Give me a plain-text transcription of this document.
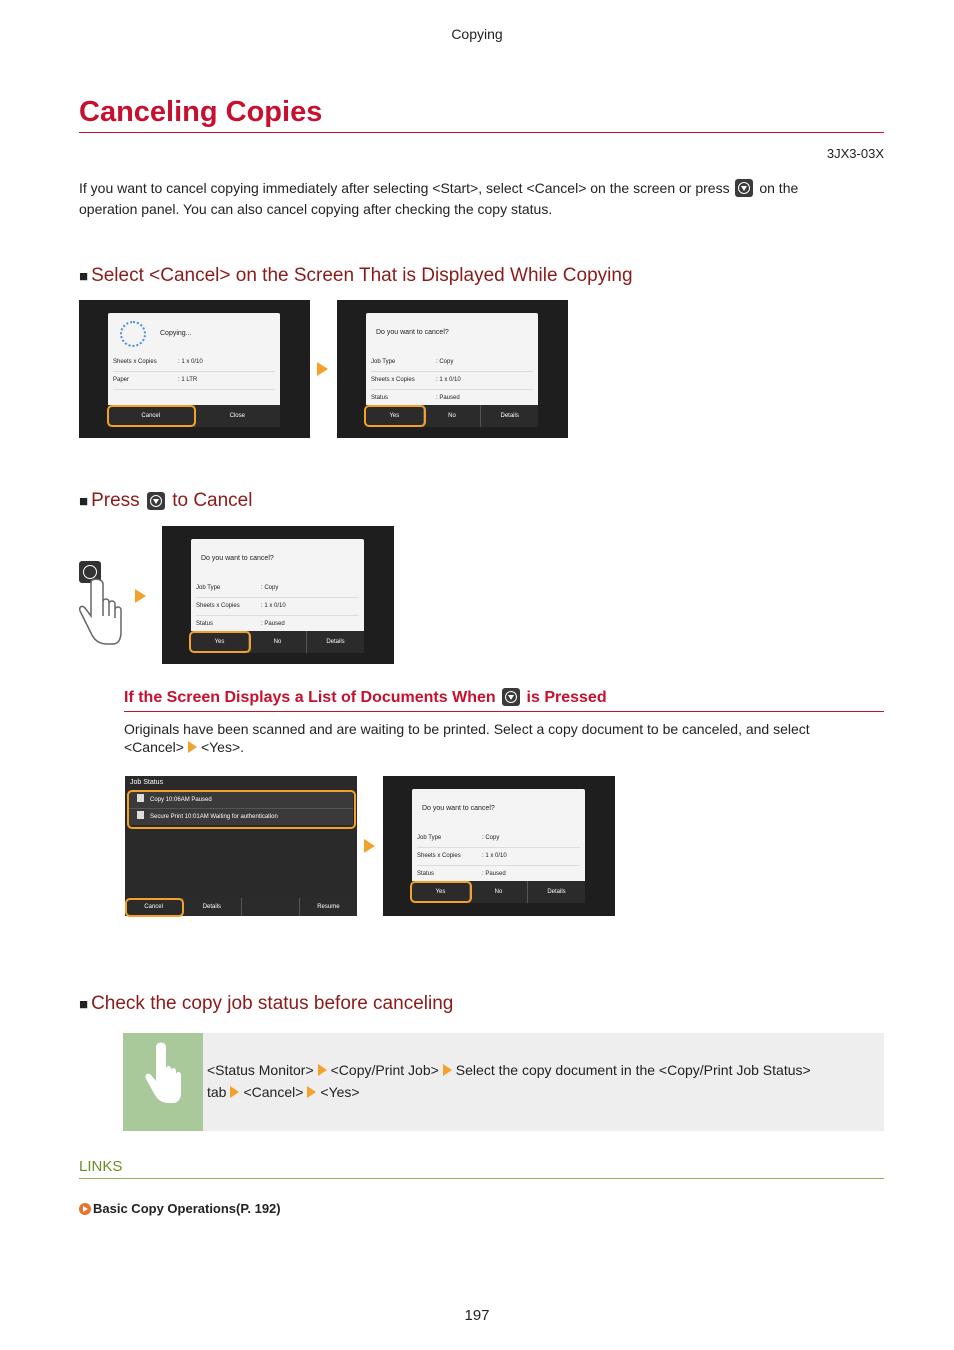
Copying
Canceling Copies
3JX3-03X
If you want to cancel copying immediately after selecting <Start>, select <Cancel> on the screen or press on the
operation panel. You can also cancel copying after checking the copy status.
■ Select <Cancel> on the Screen That is Displayed While Copying
Copying...
Sheets x Copies	: 1 x 0/10
Paper	: 1 LTR
Cancel	Close
Do you want to cancel?
Job Type	: Copy
Sheets x Copies	: 1 x 0/10
Status	: Paused
Yes	No	Details
■ Press to Cancel
Do you want to cancel?
Job Type	: Copy
Sheets x Copies	: 1 x 0/10
Status	: Paused
Yes	No	Details
If the Screen Displays a List of Documents When is Pressed
Originals have been scanned and are waiting to be printed. Select a copy document to be canceled, and select
<Cancel> <Yes>.
Job Status
Copy 10:06AM Paused
Secure Print 10:01AM Waiting for authentication
Cancel	Details	Resume
Do you want to cancel?
Job Type	: Copy
Sheets x Copies	: 1 x 0/10
Status	: Paused
Yes	No	Details
■ Check the copy job status before canceling
<Status Monitor> <Copy/Print Job> Select the copy document in the <Copy/Print Job Status>
tab <Cancel> <Yes>
LINKS
Basic Copy Operations(P. 192)
197
